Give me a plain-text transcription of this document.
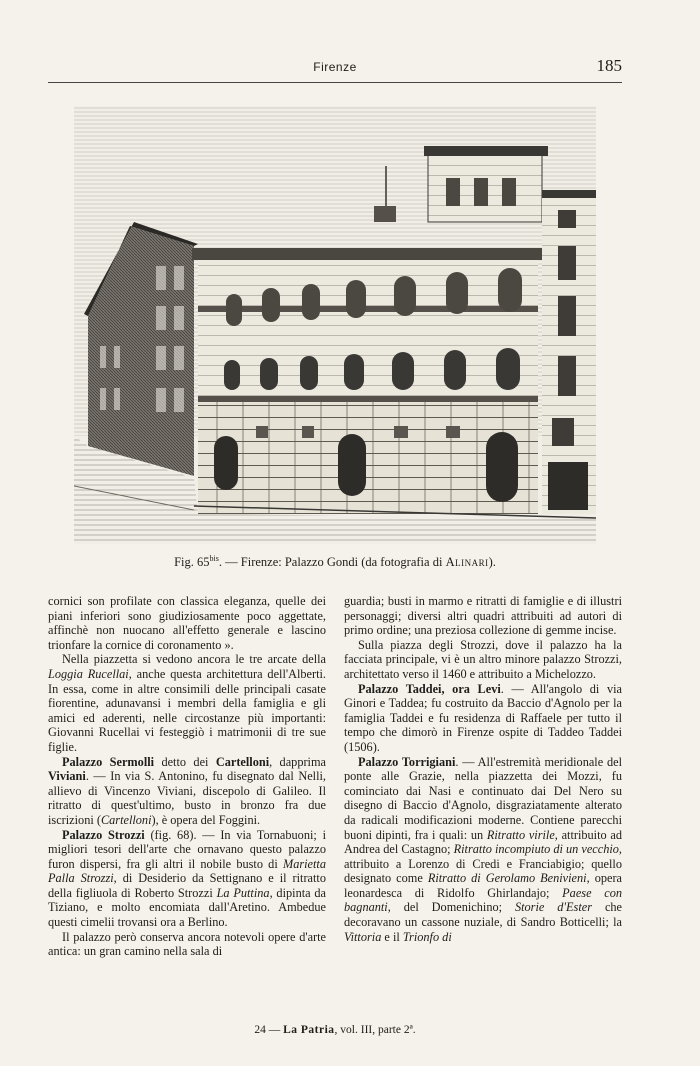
Firenze	185
Fig. $65^{bis}$. — Firenze: Palazzo Gondi (da fotografia di Alinari).

cornici son profilate con classica eleganza, quelle dei piani inferiori sono giudiziosamente poco aggettate, affinchè non nuocano all'effetto generale e lascino trionfare la cornice di coronamento ».

Nella piazzetta si vedono ancora le tre arcate della Loggia Rucellai, anche questa architettura dell'Alberti. In essa, come in altre consimili delle principali casate fiorentine, adunavansi i membri della famiglia e gli amici ed aderenti, nelle circostanze più importanti: Giovanni Rucellai vi festeggiò i matrimonii di tre sue figlie.

Palazzo Sermolli detto dei Cartelloni, dapprima Viviani. — In via S. Antonino, fu disegnato dal Nelli, allievo di Vincenzo Viviani, discepolo di Galileo. Il ritratto di quest'ultimo, busto in bronzo fra due iscrizioni (Cartelloni), è opera del Foggini.

Palazzo Strozzi (fig. 68). — In via Tornabuoni; i migliori tesori dell'arte che ornavano questo palazzo furon dispersi, fra gli altri il nobile busto di Marietta Palla Strozzi, di Desiderio da Settignano e il ritratto della figliuola di Roberto Strozzi La Puttina, dipinta da Tiziano, e molto encomiata dall'Aretino. Ambedue questi cimelii trovansi ora a Berlino.

Il palazzo però conserva ancora notevoli opere d'arte antica: un gran camino nella sala di

guardia; busti in marmo e ritratti di famiglie e di illustri personaggi; diversi altri quadri attribuiti ad autori di primo ordine; una preziosa collezione di gemme incise.

Sulla piazza degli Strozzi, dove il palazzo ha la facciata principale, vi è un altro minore palazzo Strozzi, architettato verso il 1460 e attribuito a Michelozzo.

Palazzo Taddei, ora Levi. — All'angolo di via Ginori e Taddea; fu costruito da Baccio d'Agnolo per la famiglia Taddei e fu residenza di Raffaele per tutto il tempo che dimorò in Firenze ospite di Taddeo Taddei (1506).

Palazzo Torrigiani. — All'estremità meridionale del ponte alle Grazie, nella piazzetta dei Mozzi, fu cominciato dai Nasi e continuato dai Del Nero su disegno di Baccio d'Agnolo, disgraziatamente alterato da radicali modificazioni moderne. Contiene parecchi buoni dipinti, fra i quali: un Ritratto virile, attribuito ad Andrea del Castagno; Ritratto incompiuto di un vecchio, attribuito a Lorenzo di Credi e Franciabigio; quello designato come Ritratto di Gerolamo Benivieni, opera leonardesca di Ridolfo Ghirlandajo; Paese con bagnanti, del Domenichino; Storie d'Ester che decoravano un cassone nuziale, di Sandro Botticelli; la Vittoria e il Trionfo di

24 — La Patria, vol. III, parte 2ª.
